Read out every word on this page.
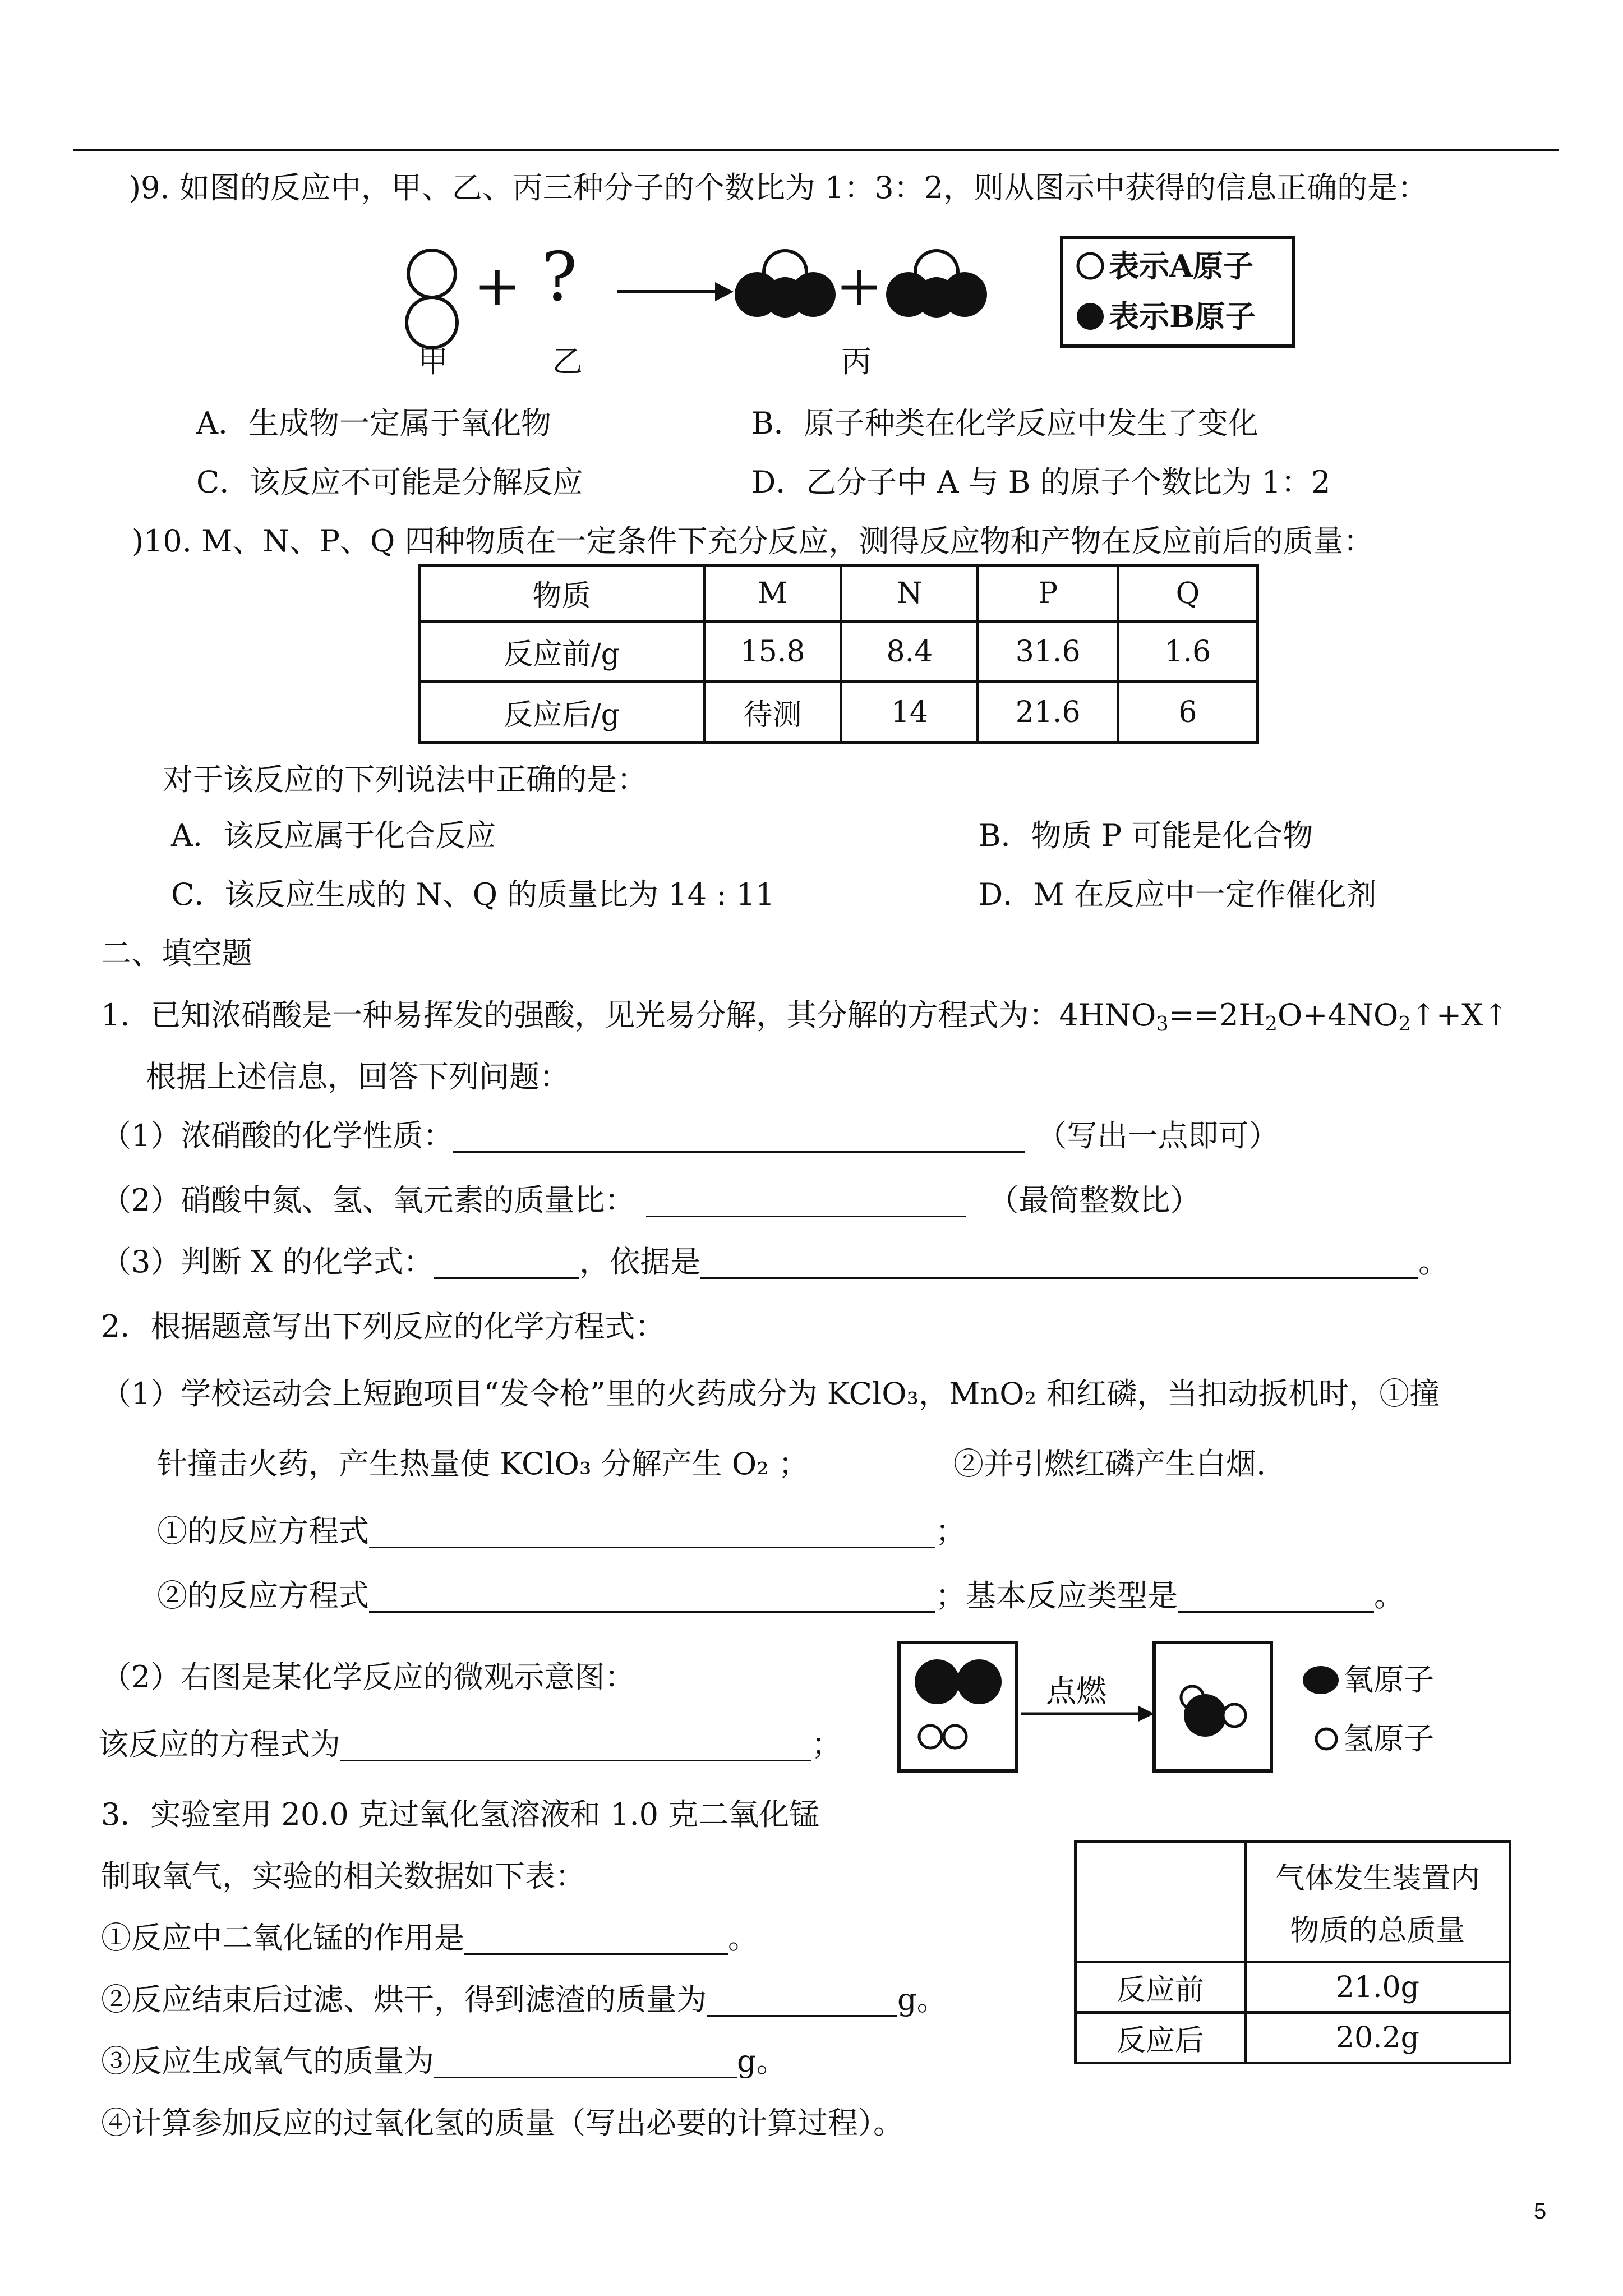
)9. 如图的反应中，甲、乙、丙三种分子的个数比为 1：3：2，则从图示中获得的信息正确的是：
+ ?	+
甲	乙	丙
表示A原子
表示B原子
A．生成物一定属于氧化物	B．原子种类在化学反应中发生了变化
C．该反应不可能是分解反应	D．乙分子中 A 与 B 的原子个数比为 1：2
)10. M、N、P、Q 四种物质在一定条件下充分反应，测得反应物和产物在反应前后的质量：
物质	M	N	P	Q
反应前/g	15.8	8.4	31.6	1.6
反应后/g	待测	14	21.6	6
对于该反应的下列说法中正确的是：
A．该反应属于化合反应	B．物质 P 可能是化合物
C．该反应生成的 N、Q 的质量比为 14 : 11	D．M 在反应中一定作催化剂
二、填空题
1．已知浓硝酸是一种易挥发的强酸，见光易分解，其分解的方程式为：$4HNO_3==2H_2O+4NO_2↑+X↑$
根据上述信息，回答下列问题：
（1）浓硝酸的化学性质：	（写出一点即可）
（2）硝酸中氮、氢、氧元素的质量比：	（最简整数比）
（3）判断 X 的化学式：	，依据是	。
2．根据题意写出下列反应的化学方程式：
（1）学校运动会上短跑项目“发令枪”里的火药成分为 KClO₃，MnO₂ 和红磷，当扣动扳机时，①撞
针撞击火药，产生热量使 KClO₃ 分解产生 O₂ ；	②并引燃红磷产生白烟.
①的反应方程式	；
②的反应方程式	；基本反应类型是	。
（2）右图是某化学反应的微观示意图：
该反应的方程式为	；
点燃	氧原子
氢原子
3．实验室用 20.0 克过氧化氢溶液和 1.0 克二氧化锰
制取氧气，实验的相关数据如下表：
①反应中二氧化锰的作用是	。
②反应结束后过滤、烘干，得到滤渣的质量为	g。
③反应生成氧气的质量为	g。
④计算参加反应的过氧化氢的质量（写出必要的计算过程）。

	气体发生装置内
物质的总质量

反应前	21.0g
反应后	20.2g
5
